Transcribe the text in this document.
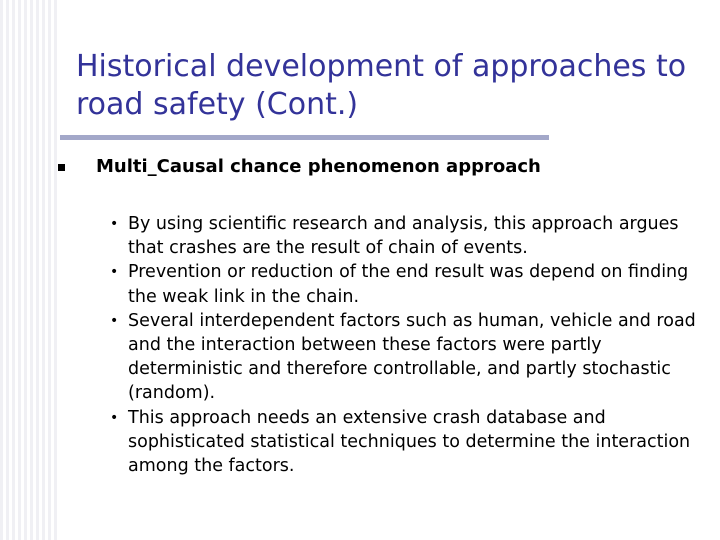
Historical development of approaches to road safety (Cont.)
Multi_Causal chance phenomenon approach
• By using scientific research and analysis, this approach argues that crashes are the result of chain of events.
• Prevention or reduction of the end result was depend on finding the weak link in the chain.
• Several interdependent factors such as human, vehicle and road and the interaction between these factors were partly deterministic and therefore controllable, and partly stochastic (random).
• This approach needs an extensive crash database and sophisticated statistical techniques to determine the interaction among the factors.
